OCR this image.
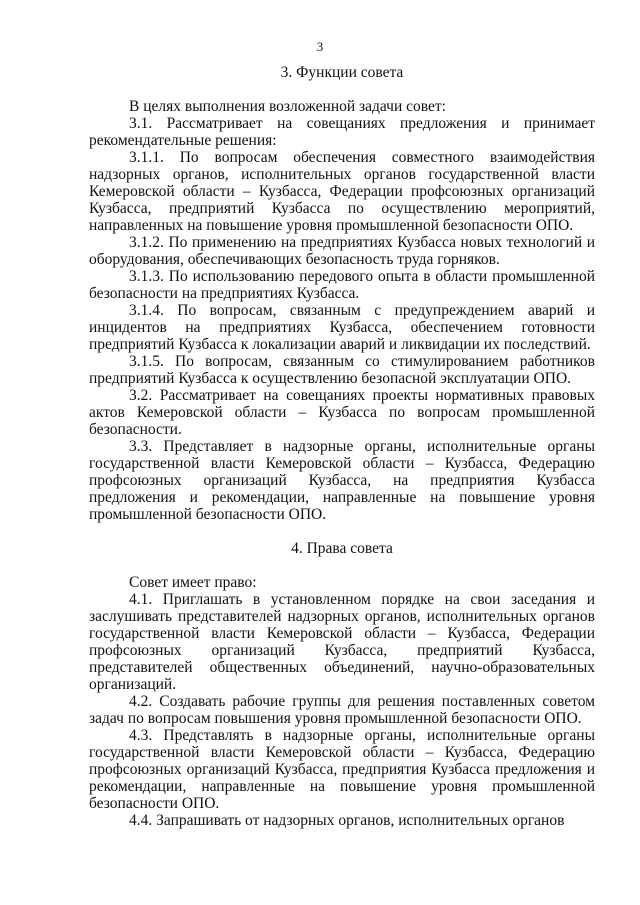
3
3. Функции совета

В целях выполнения возложенной задачи совет:

3.1. Рассматривает на совещаниях предложения и принимает рекомендательные решения:

3.1.1. По вопросам обеспечения совместного взаимодействия надзорных органов, исполнительных органов государственной власти Кемеровской области – Кузбасса, Федерации профсоюзных организаций Кузбасса, предприятий Кузбасса по осуществлению мероприятий, направленных на повышение уровня промышленной безопасности ОПО.

3.1.2. По применению на предприятиях Кузбасса новых технологий и оборудования, обеспечивающих безопасность труда горняков.

3.1.3. По использованию передового опыта в области промышленной безопасности на предприятиях Кузбасса.

3.1.4. По вопросам, связанным с предупреждением аварий и инцидентов на предприятиях Кузбасса, обеспечением готовности предприятий Кузбасса к локализации аварий и ликвидации их последствий.

3.1.5. По вопросам, связанным со стимулированием работников предприятий Кузбасса к осуществлению безопасной эксплуатации ОПО.

3.2. Рассматривает на совещаниях проекты нормативных правовых актов Кемеровской области – Кузбасса по вопросам промышленной безопасности.

3.3. Представляет в надзорные органы, исполнительные органы государственной власти Кемеровской области – Кузбасса, Федерацию профсоюзных организаций Кузбасса, на предприятия Кузбасса предложения и рекомендации, направленные на повышение уровня промышленной безопасности ОПО.

4. Права совета

Совет имеет право:

4.1. Приглашать в установленном порядке на свои заседания и заслушивать представителей надзорных органов, исполнительных органов государственной власти Кемеровской области – Кузбасса, Федерации профсоюзных организаций Кузбасса, предприятий Кузбасса, представителей общественных объединений, научно-образовательных организаций.

4.2. Создавать рабочие группы для решения поставленных советом задач по вопросам повышения уровня промышленной безопасности ОПО.

4.3. Представлять в надзорные органы, исполнительные органы государственной власти Кемеровской области – Кузбасса, Федерацию профсоюзных организаций Кузбасса, предприятия Кузбасса предложения и рекомендации, направленные на повышение уровня промышленной безопасности ОПО.

4.4. Запрашивать от надзорных органов, исполнительных органов
